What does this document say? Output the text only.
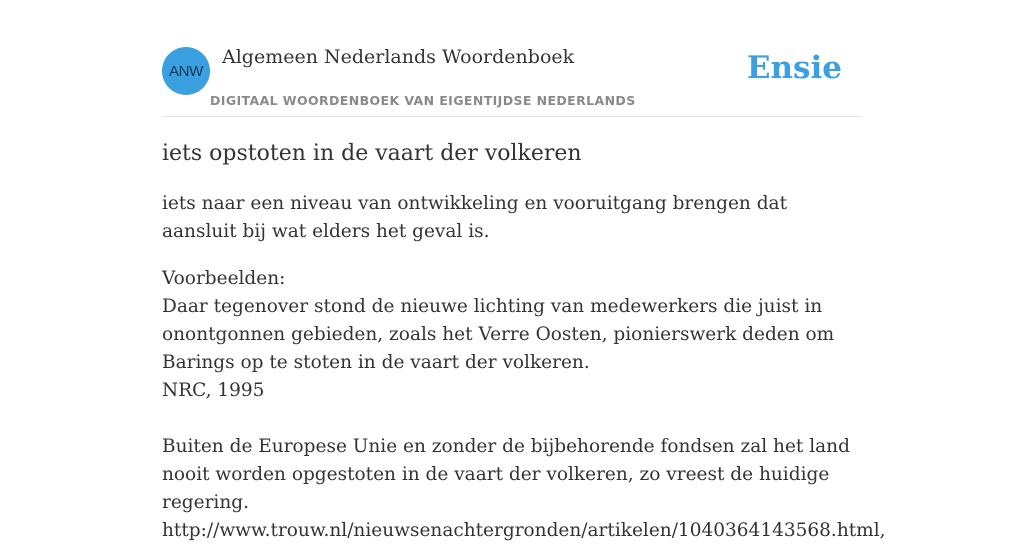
ANW
Algemeen Nederlands Woordenboek
DIGITAAL WOORDENBOEK VAN EIGENTIJDSE NEDERLANDS
Ensie
iets opstoten in de vaart der volkeren

iets naar een niveau van ontwikkeling en vooruitgang brengen dat aansluit bij wat elders het geval is.

Voorbeelden:
Daar tegenover stond de nieuwe lichting van medewerkers die juist in onontgonnen gebieden, zoals het Verre Oosten, pionierswerk deden om Barings op te stoten in de vaart der volkeren.
NRC, 1995
Buiten de Europese Unie en zonder de bijbehorende fondsen zal het land nooit worden opgestoten in de vaart der volkeren, zo vreest de huidige regering.
http://www.trouw.nl/nieuwsenachtergronden/artikelen/1040364143568.html,
